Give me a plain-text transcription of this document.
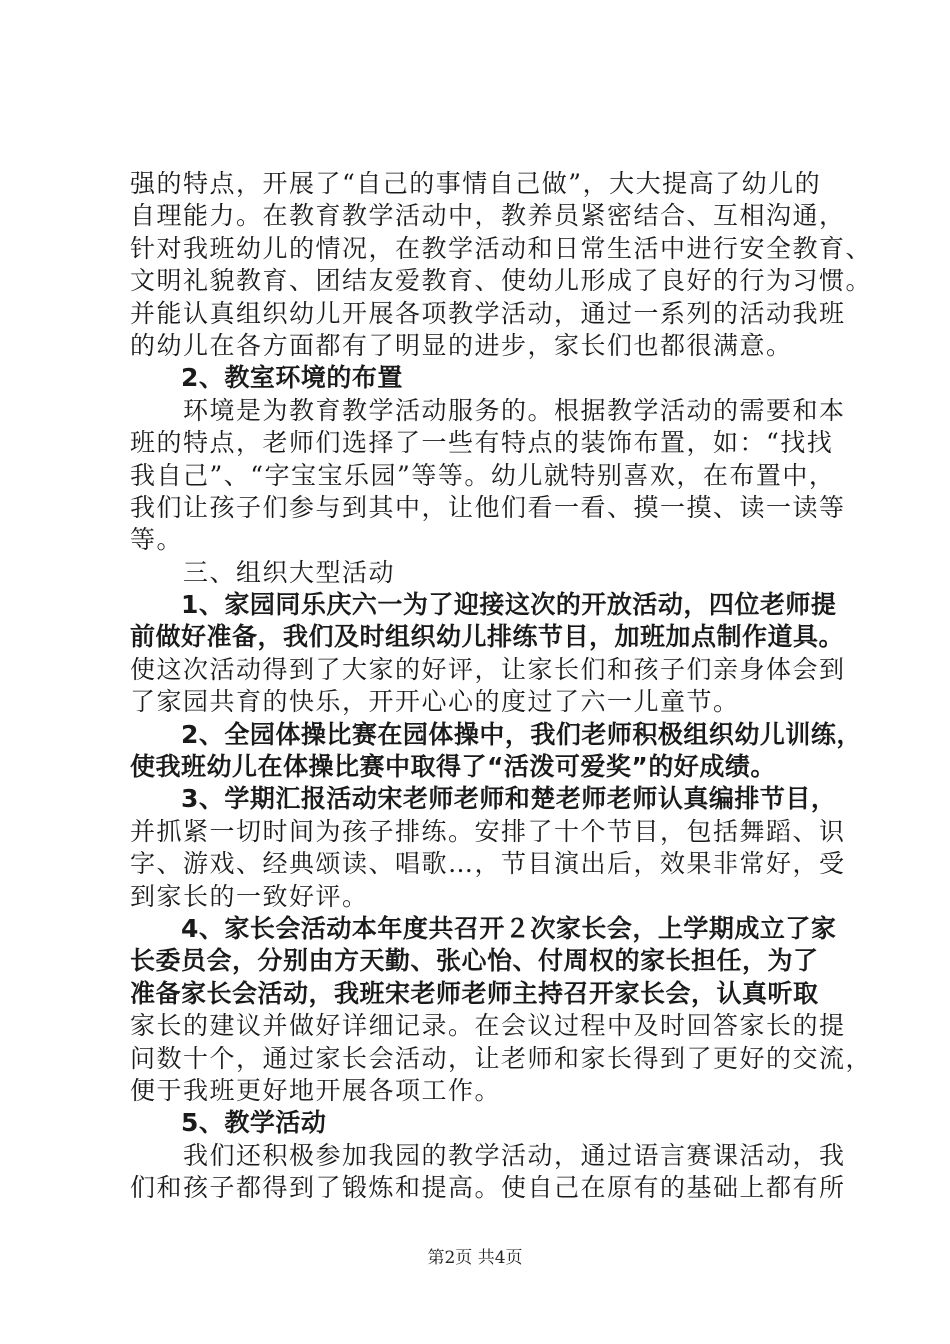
强的特点，开展了“自己的事情自己做”，大大提高了幼儿的
自理能力。在教育教学活动中，教养员紧密结合、互相沟通，
针对我班幼儿的情况，在教学活动和日常生活中进行安全教育、
文明礼貌教育、团结友爱教育、使幼儿形成了良好的行为习惯。
并能认真组织幼儿开展各项教学活动，通过一系列的活动我班
的幼儿在各方面都有了明显的进步，家长们也都很满意。
　　2、教室环境的布置
　　环境是为教育教学活动服务的。根据教学活动的需要和本
班的特点，老师们选择了一些有特点的装饰布置，如：“找找
我自己”、“字宝宝乐园”等等。幼儿就特别喜欢，在布置中，
我们让孩子们参与到其中，让他们看一看、摸一摸、读一读等
等。
　　三、组织大型活动
　　1、家园同乐庆六一为了迎接这次的开放活动，四位老师提
前做好准备，我们及时组织幼儿排练节目，加班加点制作道具。
使这次活动得到了大家的好评，让家长们和孩子们亲身体会到
了家园共育的快乐，开开心心的度过了六一儿童节。
　　2、全园体操比赛在园体操中，我们老师积极组织幼儿训练，
使我班幼儿在体操比赛中取得了“活泼可爱奖”的好成绩。
　　3、学期汇报活动宋老师老师和楚老师老师认真编排节目，
并抓紧一切时间为孩子排练。安排了十个节目，包括舞蹈、识
字、游戏、经典颂读、唱歌…，节目演出后，效果非常好，受
到家长的一致好评。
　　4、家长会活动本年度共召开２次家长会，上学期成立了家
长委员会，分别由方天勤、张心怡、付周权的家长担任，为了
准备家长会活动，我班宋老师老师主持召开家长会，认真听取
家长的建议并做好详细记录。在会议过程中及时回答家长的提
问数十个，通过家长会活动，让老师和家长得到了更好的交流，
便于我班更好地开展各项工作。
　　5、教学活动
　　我们还积极参加我园的教学活动，通过语言赛课活动，我
们和孩子都得到了锻炼和提高。使自己在原有的基础上都有所
第2页 共4页
